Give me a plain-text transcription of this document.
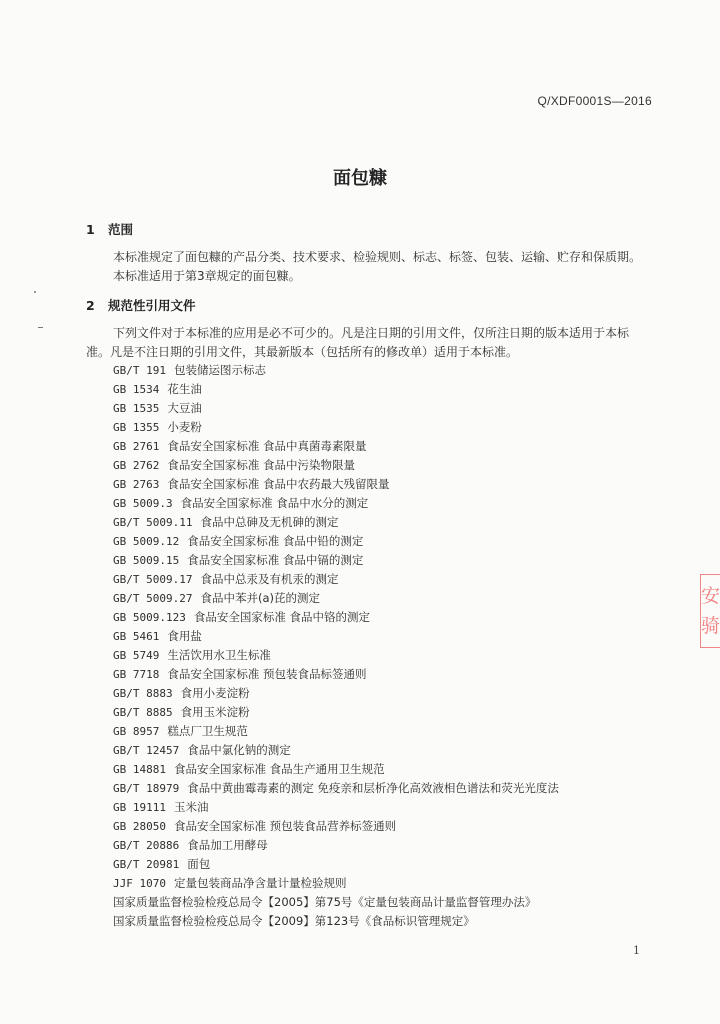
Q/XDF0001S—2016
面包糠
1 范围
本标准规定了面包糠的产品分类、技术要求、检验规则、标志、标签、包装、运输、贮存和保质期。
本标准适用于第3章规定的面包糠。
2 规范性引用文件
下列文件对于本标准的应用是必不可少的。凡是注日期的引用文件，仅所注日期的版本适用于本标
准。凡是不注日期的引用文件，其最新版本（包括所有的修改单）适用于本标准。
GB/T 191 包装储运图示标志
GB 1534 花生油
GB 1535 大豆油
GB 1355 小麦粉
GB 2761 食品安全国家标准 食品中真菌毒素限量
GB 2762 食品安全国家标准 食品中污染物限量
GB 2763 食品安全国家标准 食品中农药最大残留限量
GB 5009.3 食品安全国家标准 食品中水分的测定
GB/T 5009.11 食品中总砷及无机砷的测定
GB 5009.12 食品安全国家标准 食品中铅的测定
GB 5009.15 食品安全国家标准 食品中镉的测定
GB/T 5009.17 食品中总汞及有机汞的测定
GB/T 5009.27 食品中苯并(a)芘的测定
GB 5009.123 食品安全国家标准 食品中铬的测定
GB 5461 食用盐
GB 5749 生活饮用水卫生标准
GB 7718 食品安全国家标准 预包装食品标签通则
GB/T 8883 食用小麦淀粉
GB/T 8885 食用玉米淀粉
GB 8957 糕点厂卫生规范
GB/T 12457 食品中氯化钠的测定
GB 14881 食品安全国家标准 食品生产通用卫生规范
GB/T 18979 食品中黄曲霉毒素的测定 免疫亲和层析净化高效液相色谱法和荧光光度法
GB 19111 玉米油
GB 28050 食品安全国家标准 预包装食品营养标签通则
GB/T 20886 食品加工用酵母
GB/T 20981 面包
JJF 1070 定量包装商品净含量计量检验规则
国家质量监督检验检疫总局令【2005】第75号《定量包装商品计量监督管理办法》
国家质量监督检验检疫总局令【2009】第123号《食品标识管理规定》
1
安
骑
